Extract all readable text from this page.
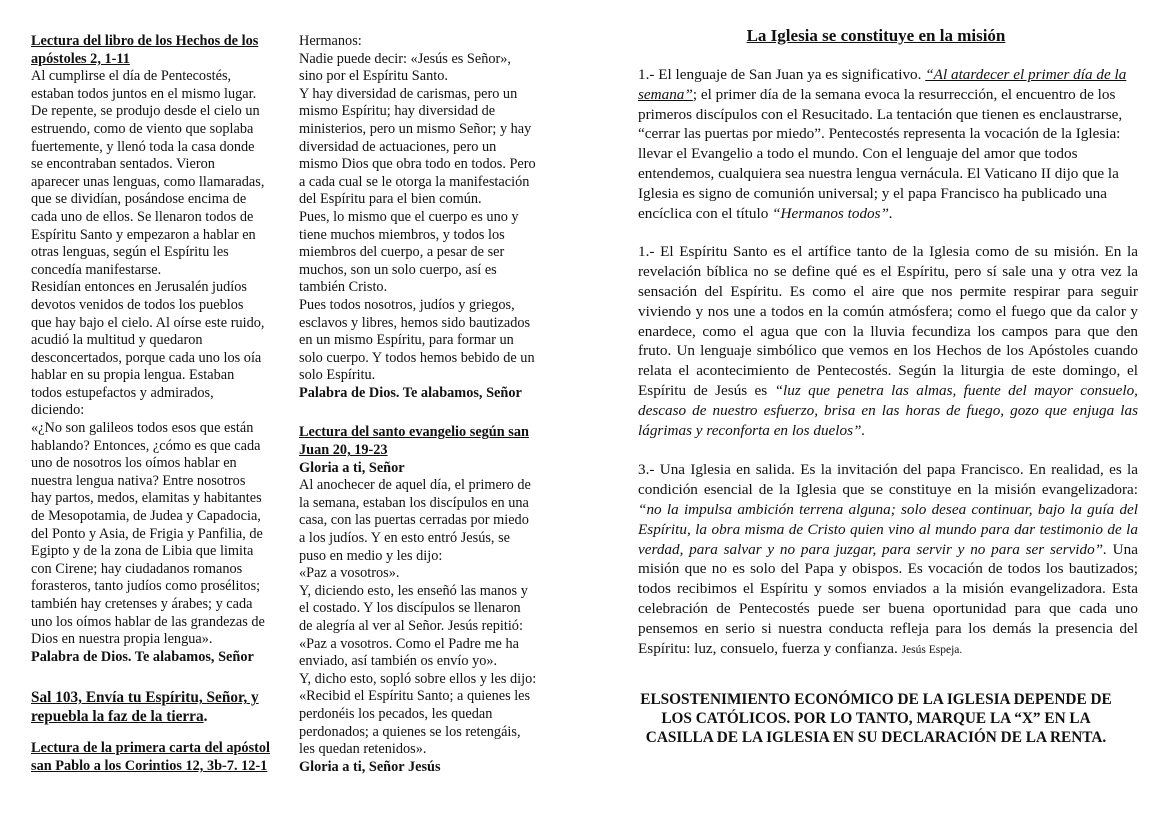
Lectura del libro de los Hechos de los apóstoles 2, 1-11

Al cumplirse el día de Pentecostés,
estaban todos juntos en el mismo lugar.
De repente, se produjo desde el cielo un
estruendo, como de viento que soplaba
fuertemente, y llenó toda la casa donde
se encontraban sentados. Vieron
aparecer unas lenguas, como llamaradas,
que se dividían, posándose encima de
cada uno de ellos. Se llenaron todos de
Espíritu Santo y empezaron a hablar en
otras lenguas, según el Espíritu les
concedía manifestarse.
Residían entonces en Jerusalén judíos
devotos venidos de todos los pueblos
que hay bajo el cielo. Al oírse este ruido,
acudió la multitud y quedaron
desconcertados, porque cada uno los oía
hablar en su propia lengua. Estaban
todos estupefactos y admirados,
diciendo:
«¿No son galileos todos esos que están
hablando? Entonces, ¿cómo es que cada
uno de nosotros los oímos hablar en
nuestra lengua nativa? Entre nosotros
hay partos, medos, elamitas y habitantes
de Mesopotamia, de Judea y Capadocia,
del Ponto y Asia, de Frigia y Panfilia, de
Egipto y de la zona de Libia que limita
con Cirene; hay ciudadanos romanos
forasteros, tanto judíos como prosélitos;
también hay cretenses y árabes; y cada
uno los oímos hablar de las grandezas de
Dios en nuestra propia lengua».

Palabra de Dios. Te alabamos, Señor

Sal 103, Envía tu Espíritu, Señor, y repuebla la faz de la tierra.

Lectura de la primera carta del apóstol san Pablo a los Corintios 12, 3b-7. 12-1

Hermanos:
Nadie puede decir: «Jesús es Señor»,
sino por el Espíritu Santo.
Y hay diversidad de carismas, pero un
mismo Espíritu; hay diversidad de
ministerios, pero un mismo Señor; y hay
diversidad de actuaciones, pero un
mismo Dios que obra todo en todos. Pero
a cada cual se le otorga la manifestación
del Espíritu para el bien común.
Pues, lo mismo que el cuerpo es uno y
tiene muchos miembros, y todos los
miembros del cuerpo, a pesar de ser
muchos, son un solo cuerpo, así es
también Cristo.
Pues todos nosotros, judíos y griegos,
esclavos y libres, hemos sido bautizados
en un mismo Espíritu, para formar un
solo cuerpo. Y todos hemos bebido de un
solo Espíritu.

Palabra de Dios. Te alabamos, Señor

Lectura del santo evangelio según san Juan 20, 19-23

Gloria a ti, Señor

Al anochecer de aquel día, el primero de
la semana, estaban los discípulos en una
casa, con las puertas cerradas por miedo
a los judíos. Y en esto entró Jesús, se
puso en medio y les dijo:
«Paz a vosotros».
Y, diciendo esto, les enseñó las manos y
el costado. Y los discípulos se llenaron
de alegría al ver al Señor. Jesús repitió:
«Paz a vosotros. Como el Padre me ha
enviado, así también os envío yo».
Y, dicho esto, sopló sobre ellos y les dijo:
«Recibid el Espíritu Santo; a quienes les
perdonéis los pecados, les quedan
perdonados; a quienes se los retengáis,
les quedan retenidos».

Gloria a ti, Señor Jesús

La Iglesia se constituye en la misión

1.- El lenguaje de San Juan ya es significativo. “Al atardecer el primer día de la semana”; el primer día de la semana evoca la resurrección, el encuentro de los primeros discípulos con el Resucitado. La tentación que tienen es enclaustrarse, “cerrar las puertas por miedo”. Pentecostés representa la vocación de la Iglesia: llevar el Evangelio a todo el mundo. Con el lenguaje del amor que todos entendemos, cualquiera sea nuestra lengua vernácula. El Vaticano II dijo que la Iglesia es signo de comunión universal; y el papa Francisco ha publicado una encíclica con el título “Hermanos todos”.

1.- El Espíritu Santo es el artífice tanto de la Iglesia como de su misión. En la revelación bíblica no se define qué es el Espíritu, pero sí sale una y otra vez la sensación del Espíritu. Es como el aire que nos permite respirar para seguir viviendo y nos une a todos en la común atmósfera; como el fuego que da calor y enardece, como el agua que con la lluvia fecundiza los campos para que den fruto. Un lenguaje simbólico que vemos en los Hechos de los Apóstoles cuando relata el acontecimiento de Pentecostés. Según la liturgia de este domingo, el Espíritu de Jesús es “luz que penetra las almas, fuente del mayor consuelo, descaso de nuestro esfuerzo, brisa en las horas de fuego, gozo que enjuga las lágrimas y reconforta en los duelos”.

3.- Una Iglesia en salida. Es la invitación del papa Francisco. En realidad, es la condición esencial de la Iglesia que se constituye en la misión evangelizadora: “no la impulsa ambición terrena alguna; solo desea continuar, bajo la guía del Espíritu, la obra misma de Cristo quien vino al mundo para dar testimonio de la verdad, para salvar y no para juzgar, para servir y no para ser servido”. Una misión que no es solo del Papa y obispos. Es vocación de todos los bautizados; todos recibimos el Espíritu y somos enviados a la misión evangelizadora. Esta celebración de Pentecostés puede ser buena oportunidad para que cada uno pensemos en serio si nuestra conducta refleja para los demás la presencia del Espíritu: luz, consuelo, fuerza y confianza. Jesús Espeja.

ELSOSTENIMIENTO ECONÓMICO DE LA IGLESIA DEPENDE DE
LOS CATÓLICOS. POR LO TANTO, MARQUE LA “X” EN LA
CASILLA DE LA IGLESIA EN SU DECLARACIÓN DE LA RENTA.
